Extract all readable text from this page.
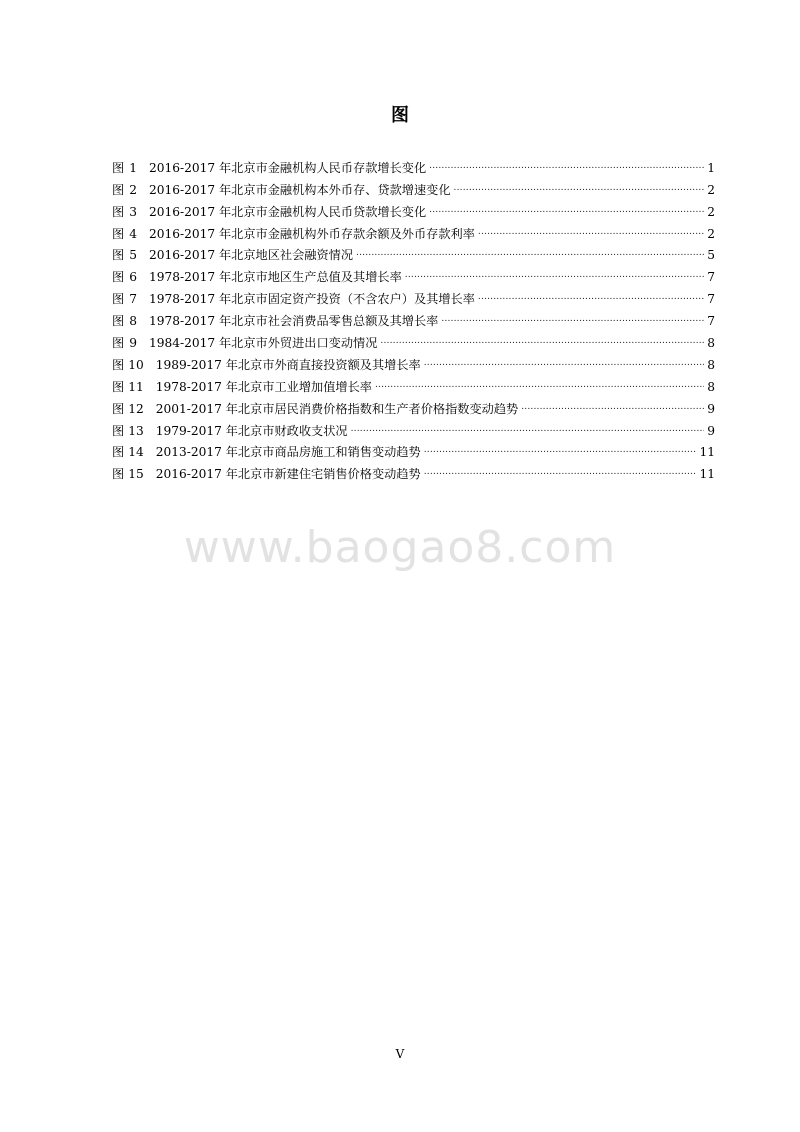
图
图 1 2016-2017 年北京市金融机构人民币存款增长变化 .....	1
图 2 2016-2017 年北京市金融机构本外币存、贷款增速变化 .....	2
图 3 2016-2017 年北京市金融机构人民币贷款增长变化 .....	2
图 4 2016-2017 年北京市金融机构外币存款余额及外币存款利率 .....	2
图 5 2016-2017 年北京地区社会融资情况 .....	5
图 6 1978-2017 年北京市地区生产总值及其增长率 .....	7
图 7 1978-2017 年北京市固定资产投资（不含农户）及其增长率 .....	7
图 8 1978-2017 年北京市社会消费品零售总额及其增长率 .....	7
图 9 1984-2017 年北京市外贸进出口变动情况 .....	8
图 10 1989-2017 年北京市外商直接投资额及其增长率 .....	8
图 11 1978-2017 年北京市工业增加值增长率 .....	8
图 12 2001-2017 年北京市居民消费价格指数和生产者价格指数变动趋势 .....	9
图 13 1979-2017 年北京市财政收支状况 .....	9
图 14 2013-2017 年北京市商品房施工和销售变动趋势 .....	11
图 15 2016-2017 年北京市新建住宅销售价格变动趋势 .....	11
www.baogao8.com
V
